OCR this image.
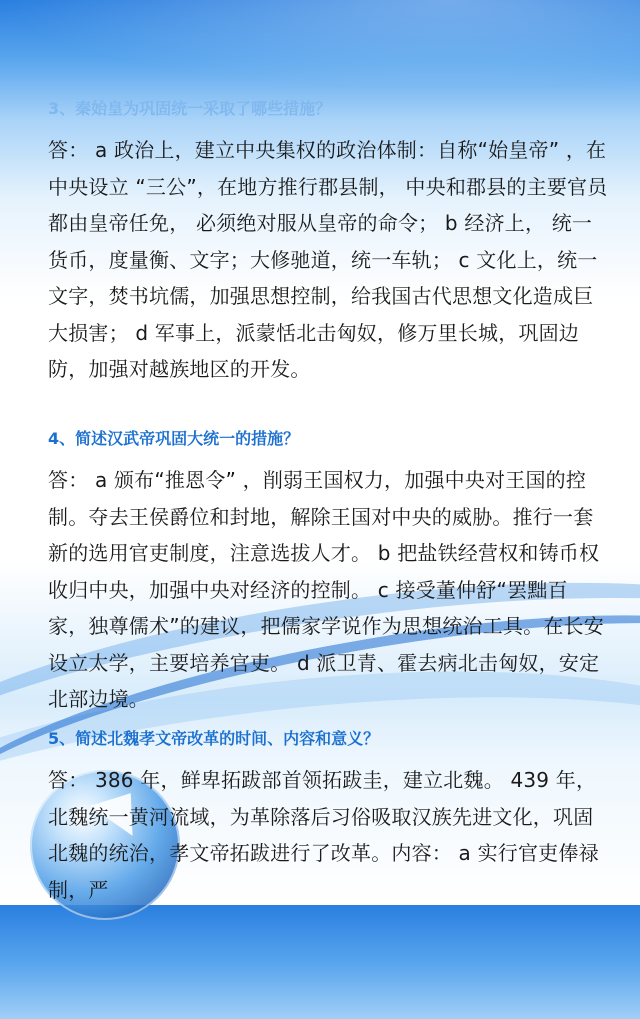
3、秦始皇为巩固统一采取了哪些措施？

答： a 政治上，建立中央集权的政治体制：自称“始皇帝” ，在中央设立 “三公”，在地方推行郡县制， 中央和郡县的主要官员都由皇帝任免， 必须绝对服从皇帝的命令； b 经济上， 统一货币，度量衡、文字；大修驰道，统一车轨； c 文化上，统一文字，焚书坑儒，加强思想控制，给我国古代思想文化造成巨大损害； d 军事上，派蒙恬北击匈奴，修万里长城，巩固边防，加强对越族地区的开发。

4、简述汉武帝巩固大统一的措施？

答： a 颁布“推恩令” ，削弱王国权力，加强中央对王国的控制。夺去王侯爵位和封地，解除王国对中央的威胁。推行一套新的选用官吏制度，注意选拔人才。 b 把盐铁经营权和铸币权收归中央，加强中央对经济的控制。 c 接受董仲舒“罢黜百家，独尊儒术”的建议，把儒家学说作为思想统治工具。在长安设立太学，主要培养官吏。 d 派卫青、霍去病北击匈奴，安定北部边境。

5、简述北魏孝文帝改革的时间、内容和意义？

答： 386 年，鲜卑拓跋部首领拓跋圭，建立北魏。 439 年，北魏统一黄河流域，为革除落后习俗吸取汉族先进文化，巩固北魏的统治，孝文帝拓跋进行了改革。内容： a 实行官吏俸禄制，严
